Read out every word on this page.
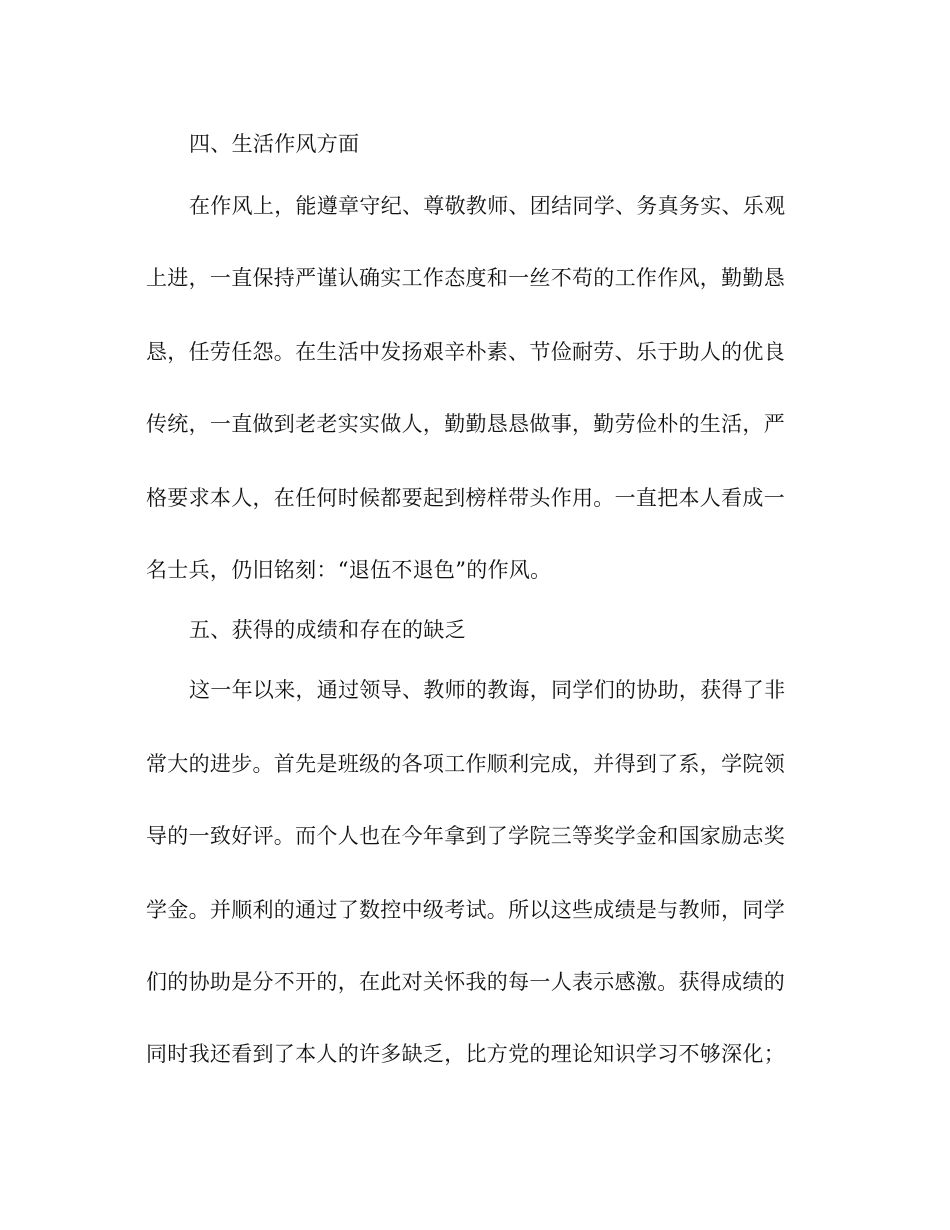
四、生活作风方面
在作风上，能遵章守纪、尊敬教师、团结同学、务真务实、乐观
上进，一直保持严谨认确实工作态度和一丝不苟的工作作风，勤勤恳
恳，任劳任怨。在生活中发扬艰辛朴素、节俭耐劳、乐于助人的优良
传统，一直做到老老实实做人，勤勤恳恳做事，勤劳俭朴的生活，严
格要求本人，在任何时候都要起到榜样带头作用。一直把本人看成一
名士兵，仍旧铭刻：“退伍不退色”的作风。
五、获得的成绩和存在的缺乏
这一年以来，通过领导、教师的教诲，同学们的协助，获得了非
常大的进步。首先是班级的各项工作顺利完成，并得到了系，学院领
导的一致好评。而个人也在今年拿到了学院三等奖学金和国家励志奖
学金。并顺利的通过了数控中级考试。所以这些成绩是与教师，同学
们的协助是分不开的，在此对关怀我的每一人表示感激。获得成绩的
同时我还看到了本人的许多缺乏，比方党的理论知识学习不够深化；
